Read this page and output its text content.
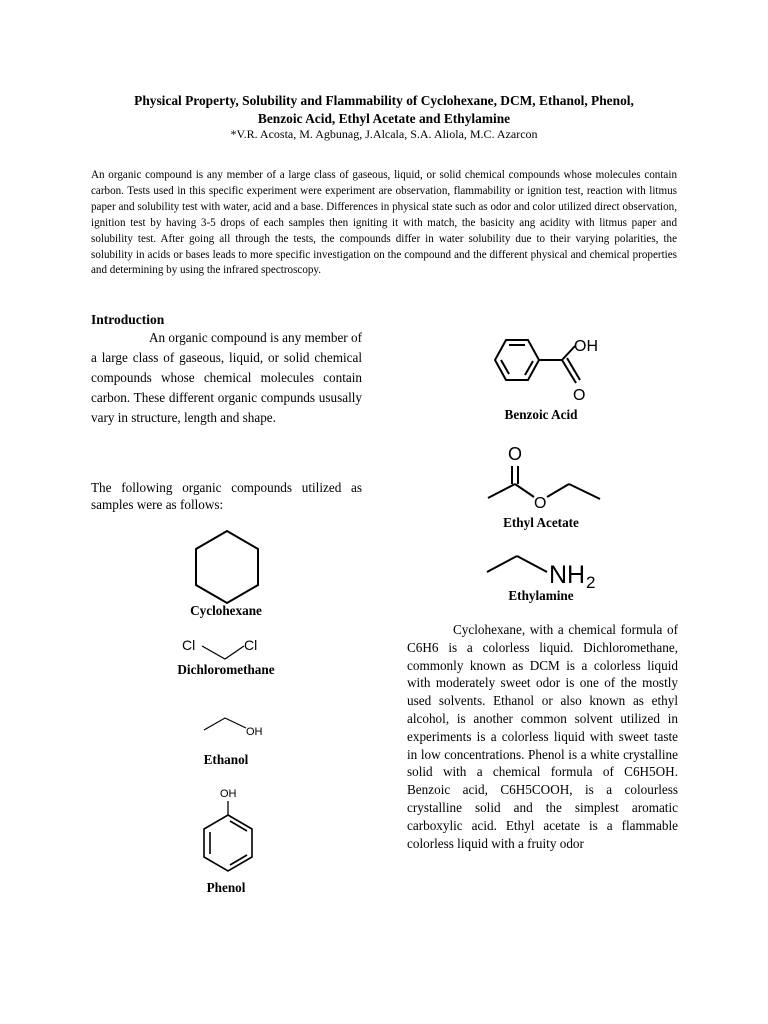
Physical Property, Solubility and Flammability of Cyclohexane, DCM, Ethanol, Phenol,
Benzoic Acid, Ethyl Acetate and Ethylamine
*V.R. Acosta, M. Agbunag, J.Alcala, S.A. Aliola, M.C. Azarcon
An organic compound is any member of a large class of gaseous, liquid, or solid chemical compounds whose molecules contain carbon. Tests used in this specific experiment were experiment are observation, flammability or ignition test, reaction with litmus paper and solubility test with water, acid and a base. Differences in physical state such as odor and color utilized direct observation, ignition test by having 3-5 drops of each samples then igniting it with match, the basicity ang acidity with litmus paper and solubility test. After going all through the tests, the compounds differ in water solubility due to their varying polarities, the solubility in acids or bases leads to more specific investigation on the compound and the different physical and chemical properties and determining by using the infrared spectroscopy.
Introduction
An organic compound is any member of a large class of gaseous, liquid, or solid chemical compounds whose chemical molecules contain carbon. These different organic compunds ususally vary in structure, length and shape.
The following organic compounds utilized as samples were as follows:
Cyclohexane
Cl	Cl
Dichloromethane
OH
Ethanol
OH
Phenol
OH
O
Benzoic Acid
O
O
Ethyl Acetate
NH 2
Ethylamine
Cyclohexane, with a chemical formula of C6H6 is a colorless liquid. Dichloromethane, commonly known as DCM is a colorless liquid with moderately sweet odor is one of the mostly used solvents. Ethanol or also known as ethyl alcohol, is another common solvent utilized in experiments is a colorless liquid with sweet taste in low concentrations. Phenol is a white crystalline solid with a chemical formula of C6H5OH. Benzoic acid, C6H5COOH, is a colourless crystalline solid and the simplest aromatic carboxylic acid. Ethyl acetate is a flammable colorless liquid with a fruity odor
